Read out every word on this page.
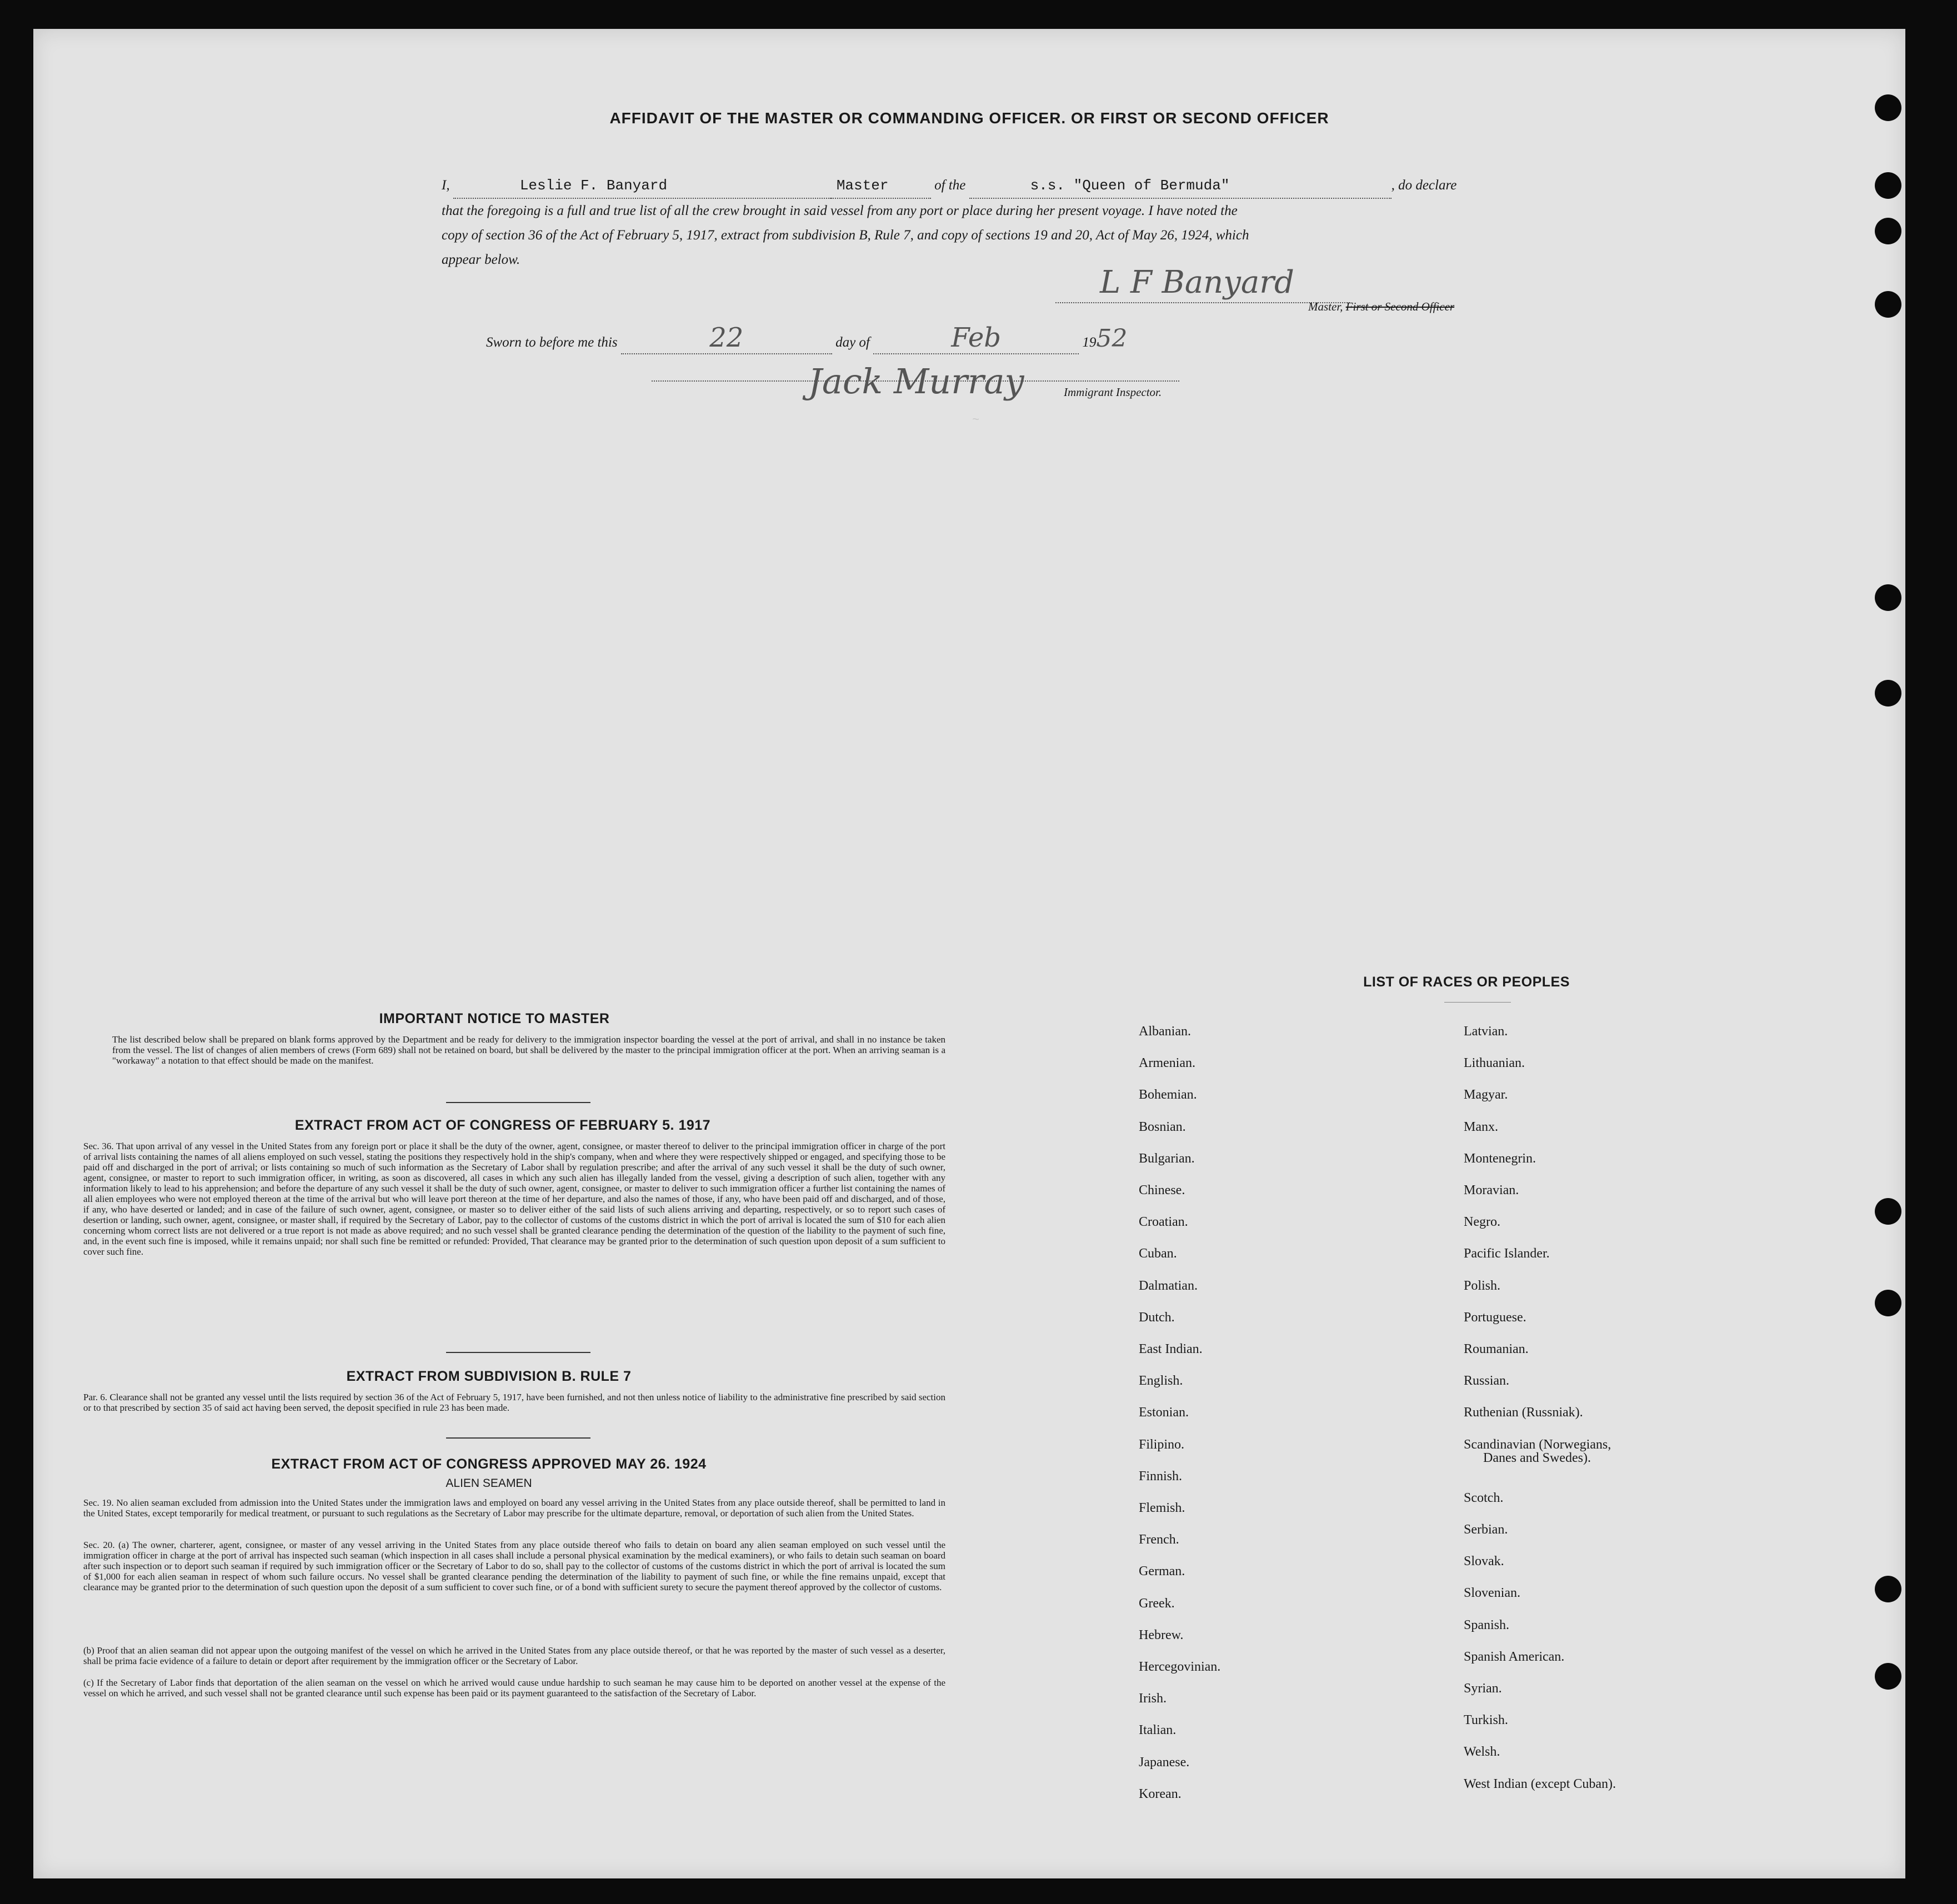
AFFIDAVIT OF THE MASTER OR COMMANDING OFFICER. OR FIRST OR SECOND OFFICER
I,	Leslie F. Banyard	Master	of the	s.s. "Queen of Bermuda"	, do declare
that the foregoing is a full and true list of all the crew brought in said vessel from any port or place during her present voyage. I have noted the
copy of section 36 of the Act of February 5, 1917, extract from subdivision B, Rule 7, and copy of sections 19 and 20, Act of May 26, 1924, which
appear below.
L F Banyard
Master, First or Second Officer
Sworn to before me this	22	day of	Feb	1952
Jack Murray	Immigrant Inspector.
~
IMPORTANT NOTICE TO MASTER
The list described below shall be prepared on blank forms approved by the Department and be ready for delivery to the immigration inspector boarding the vessel at the port of arrival, and shall in no instance be taken from the vessel. The list of changes of alien members of crews (Form 689) shall not be retained on board, but shall be delivered by the master to the principal immigration officer at the port. When an arriving seaman is a "workaway" a notation to that effect should be made on the manifest.
EXTRACT FROM ACT OF CONGRESS OF FEBRUARY 5. 1917
Sec. 36. That upon arrival of any vessel in the United States from any foreign port or place it shall be the duty of the owner, agent, consignee, or master thereof to deliver to the principal immigration officer in charge of the port of arrival lists containing the names of all aliens employed on such vessel, stating the positions they respectively hold in the ship's company, when and where they were respectively shipped or engaged, and specifying those to be paid off and discharged in the port of arrival; or lists containing so much of such information as the Secretary of Labor shall by regulation prescribe; and after the arrival of any such vessel it shall be the duty of such owner, agent, consignee, or master to report to such immigration officer, in writing, as soon as discovered, all cases in which any such alien has illegally landed from the vessel, giving a description of such alien, together with any information likely to lead to his apprehension; and before the departure of any such vessel it shall be the duty of such owner, agent, consignee, or master to deliver to such immigration officer a further list containing the names of all alien employees who were not employed thereon at the time of the arrival but who will leave port thereon at the time of her departure, and also the names of those, if any, who have been paid off and discharged, and of those, if any, who have deserted or landed; and in case of the failure of such owner, agent, consignee, or master so to deliver either of the said lists of such aliens arriving and departing, respectively, or so to report such cases of desertion or landing, such owner, agent, consignee, or master shall, if required by the Secretary of Labor, pay to the collector of customs of the customs district in which the port of arrival is located the sum of $10 for each alien concerning whom correct lists are not delivered or a true report is not made as above required; and no such vessel shall be granted clearance pending the determination of the question of the liability to the payment of such fine, and, in the event such fine is imposed, while it remains unpaid; nor shall such fine be remitted or refunded: Provided, That clearance may be granted prior to the determination of such question upon deposit of a sum sufficient to cover such fine.
EXTRACT FROM SUBDIVISION B. RULE 7
Par. 6. Clearance shall not be granted any vessel until the lists required by section 36 of the Act of February 5, 1917, have been furnished, and not then unless notice of liability to the administrative fine prescribed by said section or to that prescribed by section 35 of said act having been served, the deposit specified in rule 23 has been made.
EXTRACT FROM ACT OF CONGRESS APPROVED MAY 26. 1924
ALIEN SEAMEN
Sec. 19. No alien seaman excluded from admission into the United States under the immigration laws and employed on board any vessel arriving in the United States from any place outside thereof, shall be permitted to land in the United States, except temporarily for medical treatment, or pursuant to such regulations as the Secretary of Labor may prescribe for the ultimate departure, removal, or deportation of such alien from the United States.
Sec. 20. (a) The owner, charterer, agent, consignee, or master of any vessel arriving in the United States from any place outside thereof who fails to detain on board any alien seaman employed on such vessel until the immigration officer in charge at the port of arrival has inspected such seaman (which inspection in all cases shall include a personal physical examination by the medical examiners), or who fails to detain such seaman on board after such inspection or to deport such seaman if required by such immigration officer or the Secretary of Labor to do so, shall pay to the collector of customs of the customs district in which the port of arrival is located the sum of $1,000 for each alien seaman in respect of whom such failure occurs. No vessel shall be granted clearance pending the determination of the liability to payment of such fine, or while the fine remains unpaid, except that clearance may be granted prior to the determination of such question upon the deposit of a sum sufficient to cover such fine, or of a bond with sufficient surety to secure the payment thereof approved by the collector of customs.
(b) Proof that an alien seaman did not appear upon the outgoing manifest of the vessel on which he arrived in the United States from any place outside thereof, or that he was reported by the master of such vessel as a deserter, shall be prima facie evidence of a failure to detain or deport after requirement by the immigration officer or the Secretary of Labor.
(c) If the Secretary of Labor finds that deportation of the alien seaman on the vessel on which he arrived would cause undue hardship to such seaman he may cause him to be deported on another vessel at the expense of the vessel on which he arrived, and such vessel shall not be granted clearance until such expense has been paid or its payment guaranteed to the satisfaction of the Secretary of Labor.
LIST OF RACES OR PEOPLES
Albanian.
Armenian.
Bohemian.
Bosnian.
Bulgarian.
Chinese.
Croatian.
Cuban.
Dalmatian.
Dutch.
East Indian.
English.
Estonian.
Filipino.
Finnish.
Flemish.
French.
German.
Greek.
Hebrew.
Hercegovinian.
Irish.
Italian.
Japanese.
Korean.
Latvian.
Lithuanian.
Magyar.
Manx.
Montenegrin.
Moravian.
Negro.
Pacific Islander.
Polish.
Portuguese.
Roumanian.
Russian.
Ruthenian (Russniak).
Scandinavian (Norwegians,
Danes and Swedes).
Scotch.
Serbian.
Slovak.
Slovenian.
Spanish.
Spanish American.
Syrian.
Turkish.
Welsh.
West Indian (except Cuban).
